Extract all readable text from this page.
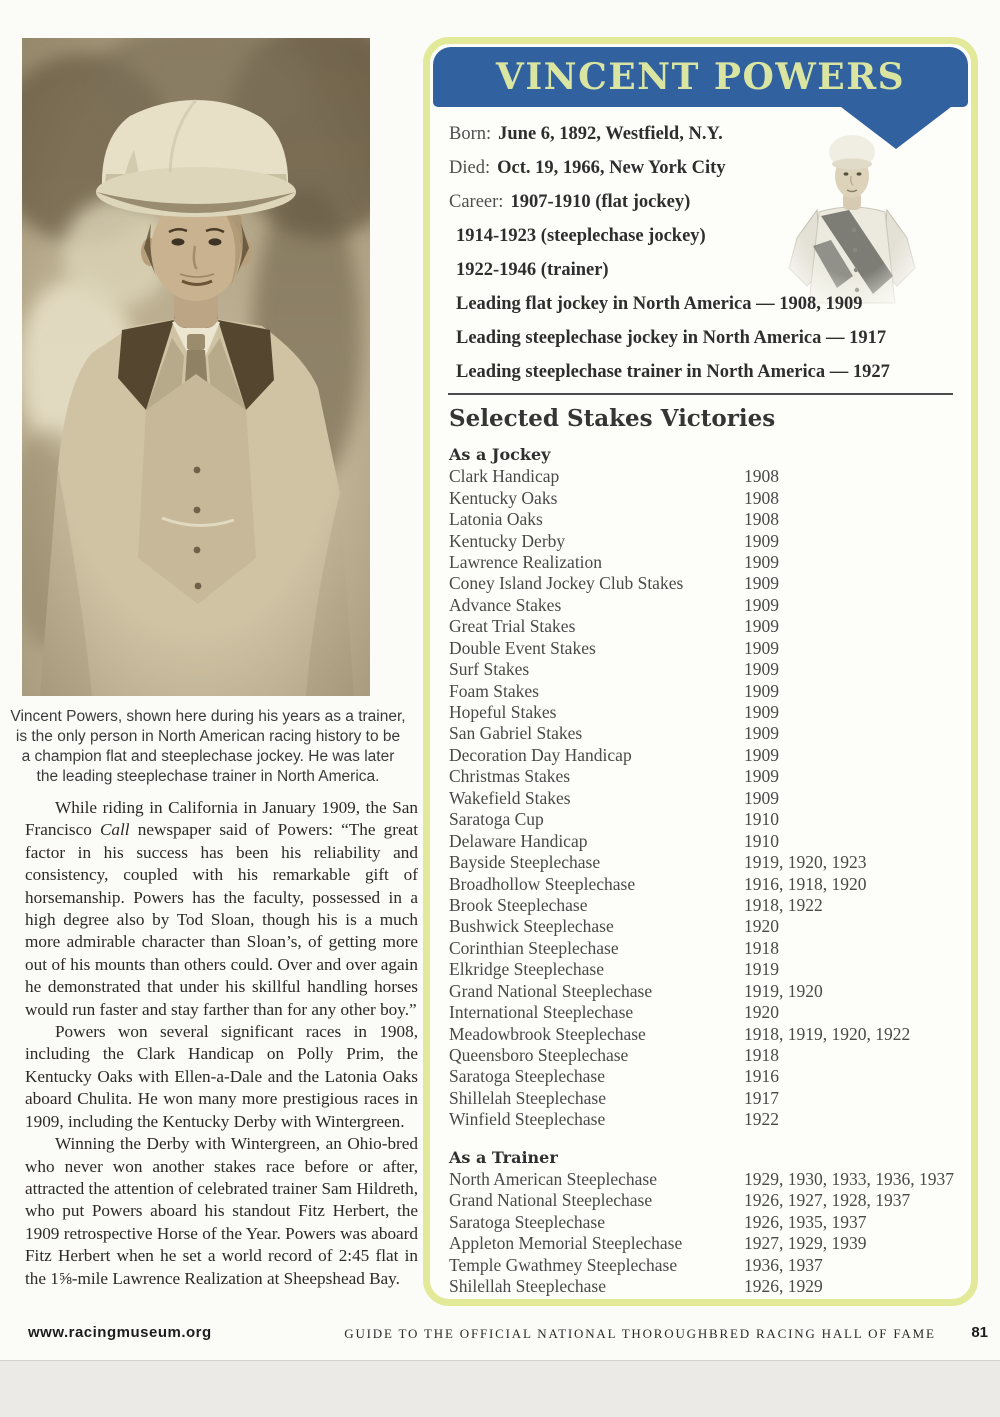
Vincent Powers, shown here during his years as a trainer, is the only person in North American racing history to be a champion flat and steeplechase jockey. He was later the leading steeplechase trainer in North America.

While riding in California in January 1909, the San Francisco Call newspaper said of Powers: “The great factor in his success has been his reliability and consistency, coupled with his remarkable gift of horsemanship. Powers has the faculty, possessed in a high degree also by Tod Sloan, though his is a much more admirable character than Sloan’s, of getting more out of his mounts than others could. Over and over again he demonstrated that under his skillful handling horses would run faster and stay farther than for any other boy.”

Powers won several significant races in 1908, including the Clark Handicap on Polly Prim, the Kentucky Oaks with Ellen-a-Dale and the Latonia Oaks aboard Chulita. He won many more prestigious races in 1909, including the Kentucky Derby with Wintergreen.

Winning the Derby with Wintergreen, an Ohio-bred who never won another stakes race before or after, attracted the attention of celebrated trainer Sam Hildreth, who put Powers aboard his standout Fitz Herbert, the 1909 retrospective Horse of the Year. Powers was aboard Fitz Herbert when he set a world record of 2:45 flat in the 1⅝-mile Lawrence Realization at Sheepshead Bay.

VINCENT POWERS
Born: June 6, 1892, Westfield, N.Y.
Died: Oct. 19, 1966, New York City
Career: 1907-1910 (flat jockey)
1914-1923 (steeplechase jockey)
1922-1946 (trainer)
Leading flat jockey in North America — 1908, 1909
Leading steeplechase jockey in North America — 1917
Leading steeplechase trainer in North America — 1927
Selected Stakes Victories
As a Jockey
Clark Handicap	1908
Kentucky Oaks	1908
Latonia Oaks	1908
Kentucky Derby	1909
Lawrence Realization	1909
Coney Island Jockey Club Stakes	1909
Advance Stakes	1909
Great Trial Stakes	1909
Double Event Stakes	1909
Surf Stakes	1909
Foam Stakes	1909
Hopeful Stakes	1909
San Gabriel Stakes	1909
Decoration Day Handicap	1909
Christmas Stakes	1909
Wakefield Stakes	1909
Saratoga Cup	1910
Delaware Handicap	1910
Bayside Steeplechase	1919, 1920, 1923
Broadhollow Steeplechase	1916, 1918, 1920
Brook Steeplechase	1918, 1922
Bushwick Steeplechase	1920
Corinthian Steeplechase	1918
Elkridge Steeplechase	1919
Grand National Steeplechase	1919, 1920
International Steeplechase	1920
Meadowbrook Steeplechase	1918, 1919, 1920, 1922
Queensboro Steeplechase	1918
Saratoga Steeplechase	1916
Shillelah Steeplechase	1917
Winfield Steeplechase	1922
As a Trainer
North American Steeplechase	1929, 1930, 1933, 1936, 1937
Grand National Steeplechase	1926, 1927, 1928, 1937
Saratoga Steeplechase	1926, 1935, 1937
Appleton Memorial Steeplechase	1927, 1929, 1939
Temple Gwathmey Steeplechase	1936, 1937
Shilellah Steeplechase	1926, 1929
www.racingmuseum.org	GUIDE TO THE OFFICIAL NATIONAL THOROUGHBRED RACING HALL OF FAME 81
